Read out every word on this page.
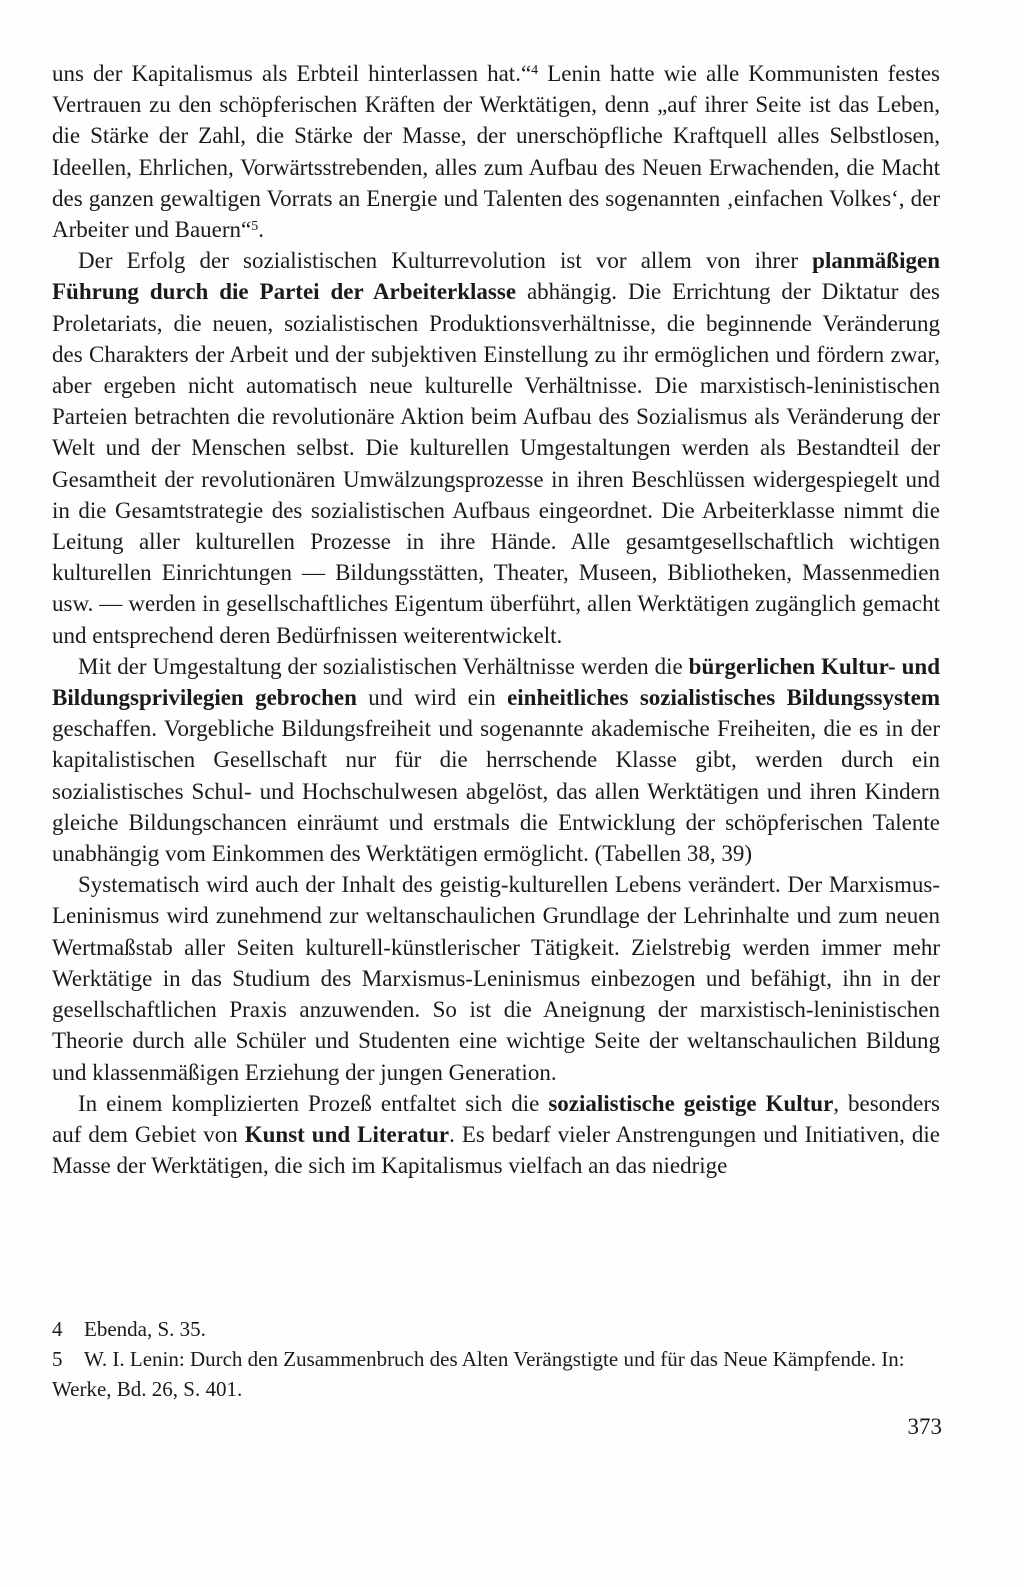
uns der Kapitalismus als Erbteil hinterlassen hat.“$^4$ Lenin hatte wie alle Kommunisten festes Vertrauen zu den schöpferischen Kräften der Werktätigen, denn „auf ihrer Seite ist das Leben, die Stärke der Zahl, die Stärke der Masse, der unerschöpfliche Kraftquell alles Selbstlosen, Ideellen, Ehrlichen, Vorwärtsstrebenden, alles zum Aufbau des Neuen Erwachenden, die Macht des ganzen gewaltigen Vorrats an Energie und Talenten des sogenannten ‚einfachen Volkes‘, der Arbeiter und Bauern“$^5$.

Der Erfolg der sozialistischen Kulturrevolution ist vor allem von ihrer planmäßigen Führung durch die Partei der Arbeiterklasse abhängig. Die Errichtung der Diktatur des Proletariats, die neuen, sozialistischen Produktionsverhältnisse, die beginnende Veränderung des Charakters der Arbeit und der subjektiven Einstellung zu ihr ermöglichen und fördern zwar, aber ergeben nicht automatisch neue kulturelle Verhältnisse. Die marxistisch-leninistischen Parteien betrachten die revolutionäre Aktion beim Aufbau des Sozialismus als Veränderung der Welt und der Menschen selbst. Die kulturellen Umgestaltungen werden als Bestandteil der Gesamtheit der revolutionären Umwälzungsprozesse in ihren Beschlüssen widergespiegelt und in die Gesamtstrategie des sozialistischen Aufbaus eingeordnet. Die Arbeiterklasse nimmt die Leitung aller kulturellen Prozesse in ihre Hände. Alle gesamtgesellschaftlich wichtigen kulturellen Einrichtungen — Bildungsstätten, Theater, Museen, Bibliotheken, Massenmedien usw. — werden in gesellschaftliches Eigentum überführt, allen Werktätigen zugänglich gemacht und entsprechend deren Bedürfnissen weiterentwickelt.

Mit der Umgestaltung der sozialistischen Verhältnisse werden die bürgerlichen Kultur- und Bildungsprivilegien gebrochen und wird ein einheitliches sozialistisches Bildungssystem geschaffen. Vorgebliche Bildungsfreiheit und sogenannte akademische Freiheiten, die es in der kapitalistischen Gesellschaft nur für die herrschende Klasse gibt, werden durch ein sozialistisches Schul- und Hochschulwesen abgelöst, das allen Werktätigen und ihren Kindern gleiche Bildungschancen einräumt und erstmals die Entwicklung der schöpferischen Talente unabhängig vom Einkommen des Werktätigen ermöglicht. (Tabellen 38, 39)

Systematisch wird auch der Inhalt des geistig-kulturellen Lebens verändert. Der Marxismus-Leninismus wird zunehmend zur weltanschaulichen Grundlage der Lehrinhalte und zum neuen Wertmaßstab aller Seiten kulturell-künstlerischer Tätigkeit. Zielstrebig werden immer mehr Werktätige in das Studium des Marxismus-Leninismus einbezogen und befähigt, ihn in der gesellschaftlichen Praxis anzuwenden. So ist die Aneignung der marxistisch-leninistischen Theorie durch alle Schüler und Studenten eine wichtige Seite der weltanschaulichen Bildung und klassenmäßigen Erziehung der jungen Generation.

In einem komplizierten Prozeß entfaltet sich die sozialistische geistige Kultur, besonders auf dem Gebiet von Kunst und Literatur. Es bedarf vieler Anstrengungen und Initiativen, die Masse der Werktätigen, die sich im Kapitalismus vielfach an das niedrige

4 Ebenda, S. 35.

5 W. I. Lenin: Durch den Zusammenbruch des Alten Verängstigte und für das Neue Kämpfende. In: Werke, Bd. 26, S. 401.

373
